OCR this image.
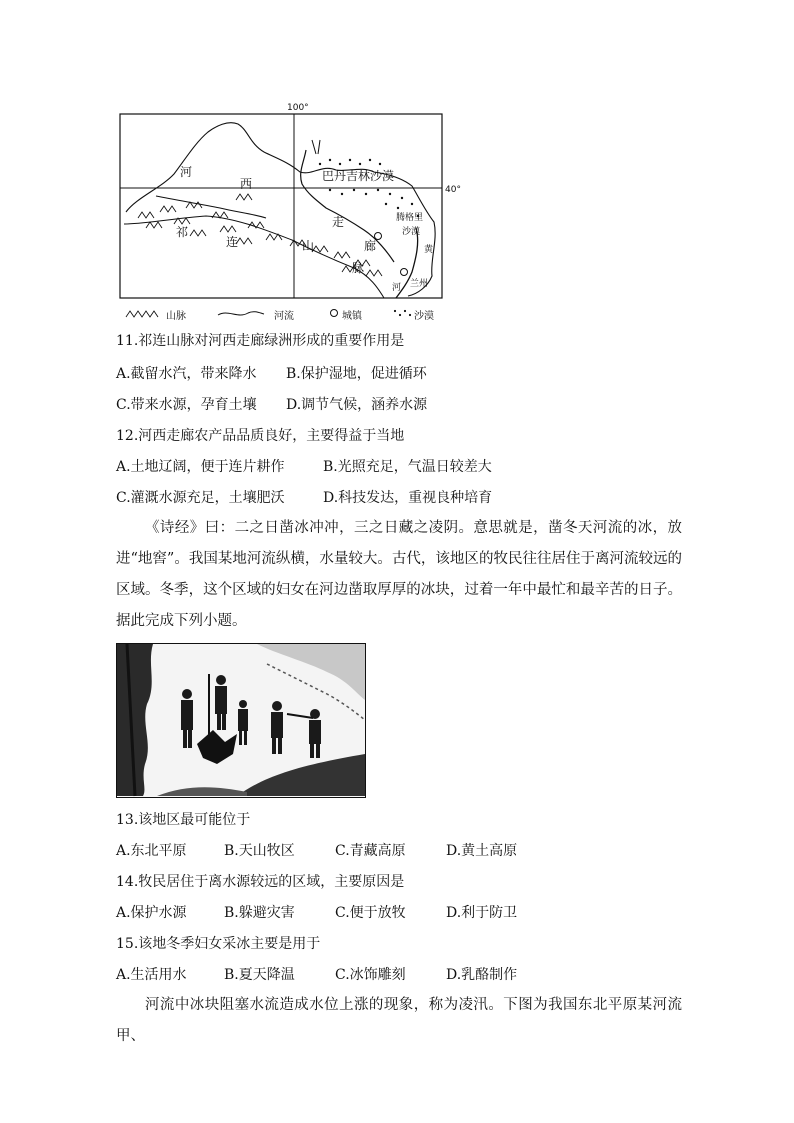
100°
40°
河
西
走
廊
祁
连	山
脉
巴丹吉林沙漠
腾格里
沙漠
黄
河 兰州
山脉	河流	城镇	沙漠
11.祁连山脉对河西走廊绿洲形成的重要作用是
A.截留水汽，带来降水 B.保护湿地，促进循环
C.带来水源，孕育土壤 D.调节气候，涵养水源
12.河西走廊农产品品质良好，主要得益于当地
A.土地辽阔，便于连片耕作	B.光照充足，气温日较差大
C.灌溉水源充足，土壤肥沃	D.科技发达，重视良种培育
《诗经》曰：二之日凿冰冲冲，三之日藏之凌阴。意思就是，凿冬天河流的冰，放进“地窖”。我国某地河流纵横，水量较大。古代，该地区的牧民往往居住于离河流较远的区域。冬季，这个区域的妇女在河边凿取厚厚的冰块，过着一年中最忙和最辛苦的日子。据此完成下列小题。
13.该地区最可能位于
A.东北平原	B.天山牧区	C.青藏高原	D.黄土高原
14.牧民居住于离水源较远的区域，主要原因是
A.保护水源	B.躲避灾害	C.便于放牧	D.利于防卫
15.该地冬季妇女采冰主要是用于
A.生活用水	B.夏天降温	C.冰饰雕刻	D.乳酪制作
河流中冰块阻塞水流造成水位上涨的现象，称为凌汛。下图为我国东北平原某河流甲、
